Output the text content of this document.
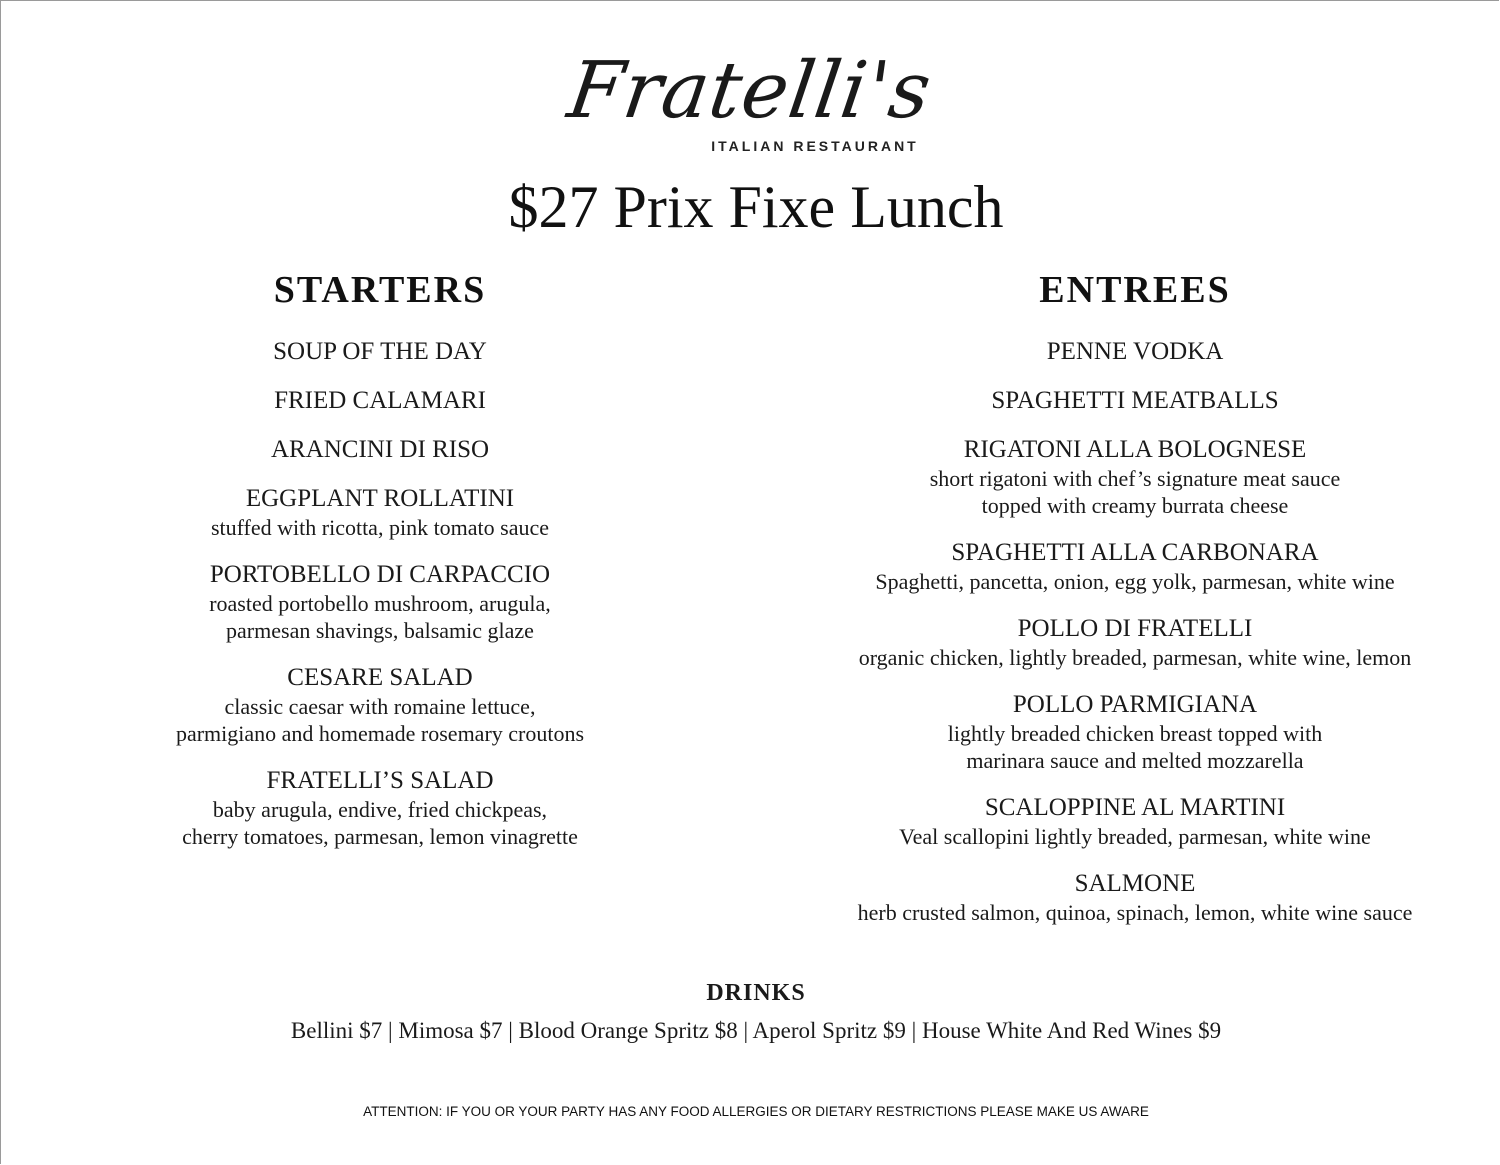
Fratelli's
ITALIAN RESTAURANT
$27 Prix Fixe Lunch
STARTERS
SOUP OF THE DAY
FRIED CALAMARI
ARANCINI DI RISO
EGGPLANT ROLLATINI
stuffed with ricotta, pink tomato sauce
PORTOBELLO DI CARPACCIO
roasted portobello mushroom, arugula,
parmesan shavings, balsamic glaze
CESARE SALAD
classic caesar with romaine lettuce,
parmigiano and homemade rosemary croutons
FRATELLI’S SALAD
baby arugula, endive, fried chickpeas,
cherry tomatoes, parmesan, lemon vinagrette
ENTREES
PENNE VODKA
SPAGHETTI MEATBALLS
RIGATONI ALLA BOLOGNESE
short rigatoni with chef’s signature meat sauce
topped with creamy burrata cheese
SPAGHETTI ALLA CARBONARA
Spaghetti, pancetta, onion, egg yolk, parmesan, white wine
POLLO DI FRATELLI
organic chicken, lightly breaded, parmesan, white wine, lemon
POLLO PARMIGIANA
lightly breaded chicken breast topped with
marinara sauce and melted mozzarella
SCALOPPINE AL MARTINI
Veal scallopini lightly breaded, parmesan, white wine
SALMONE
herb crusted salmon, quinoa, spinach, lemon, white wine sauce
DRINKS
Bellini $7 | Mimosa $7 | Blood Orange Spritz $8 | Aperol Spritz $9 | House White And Red Wines $9
ATTENTION: IF YOU OR YOUR PARTY HAS ANY FOOD ALLERGIES OR DIETARY RESTRICTIONS PLEASE MAKE US AWARE
